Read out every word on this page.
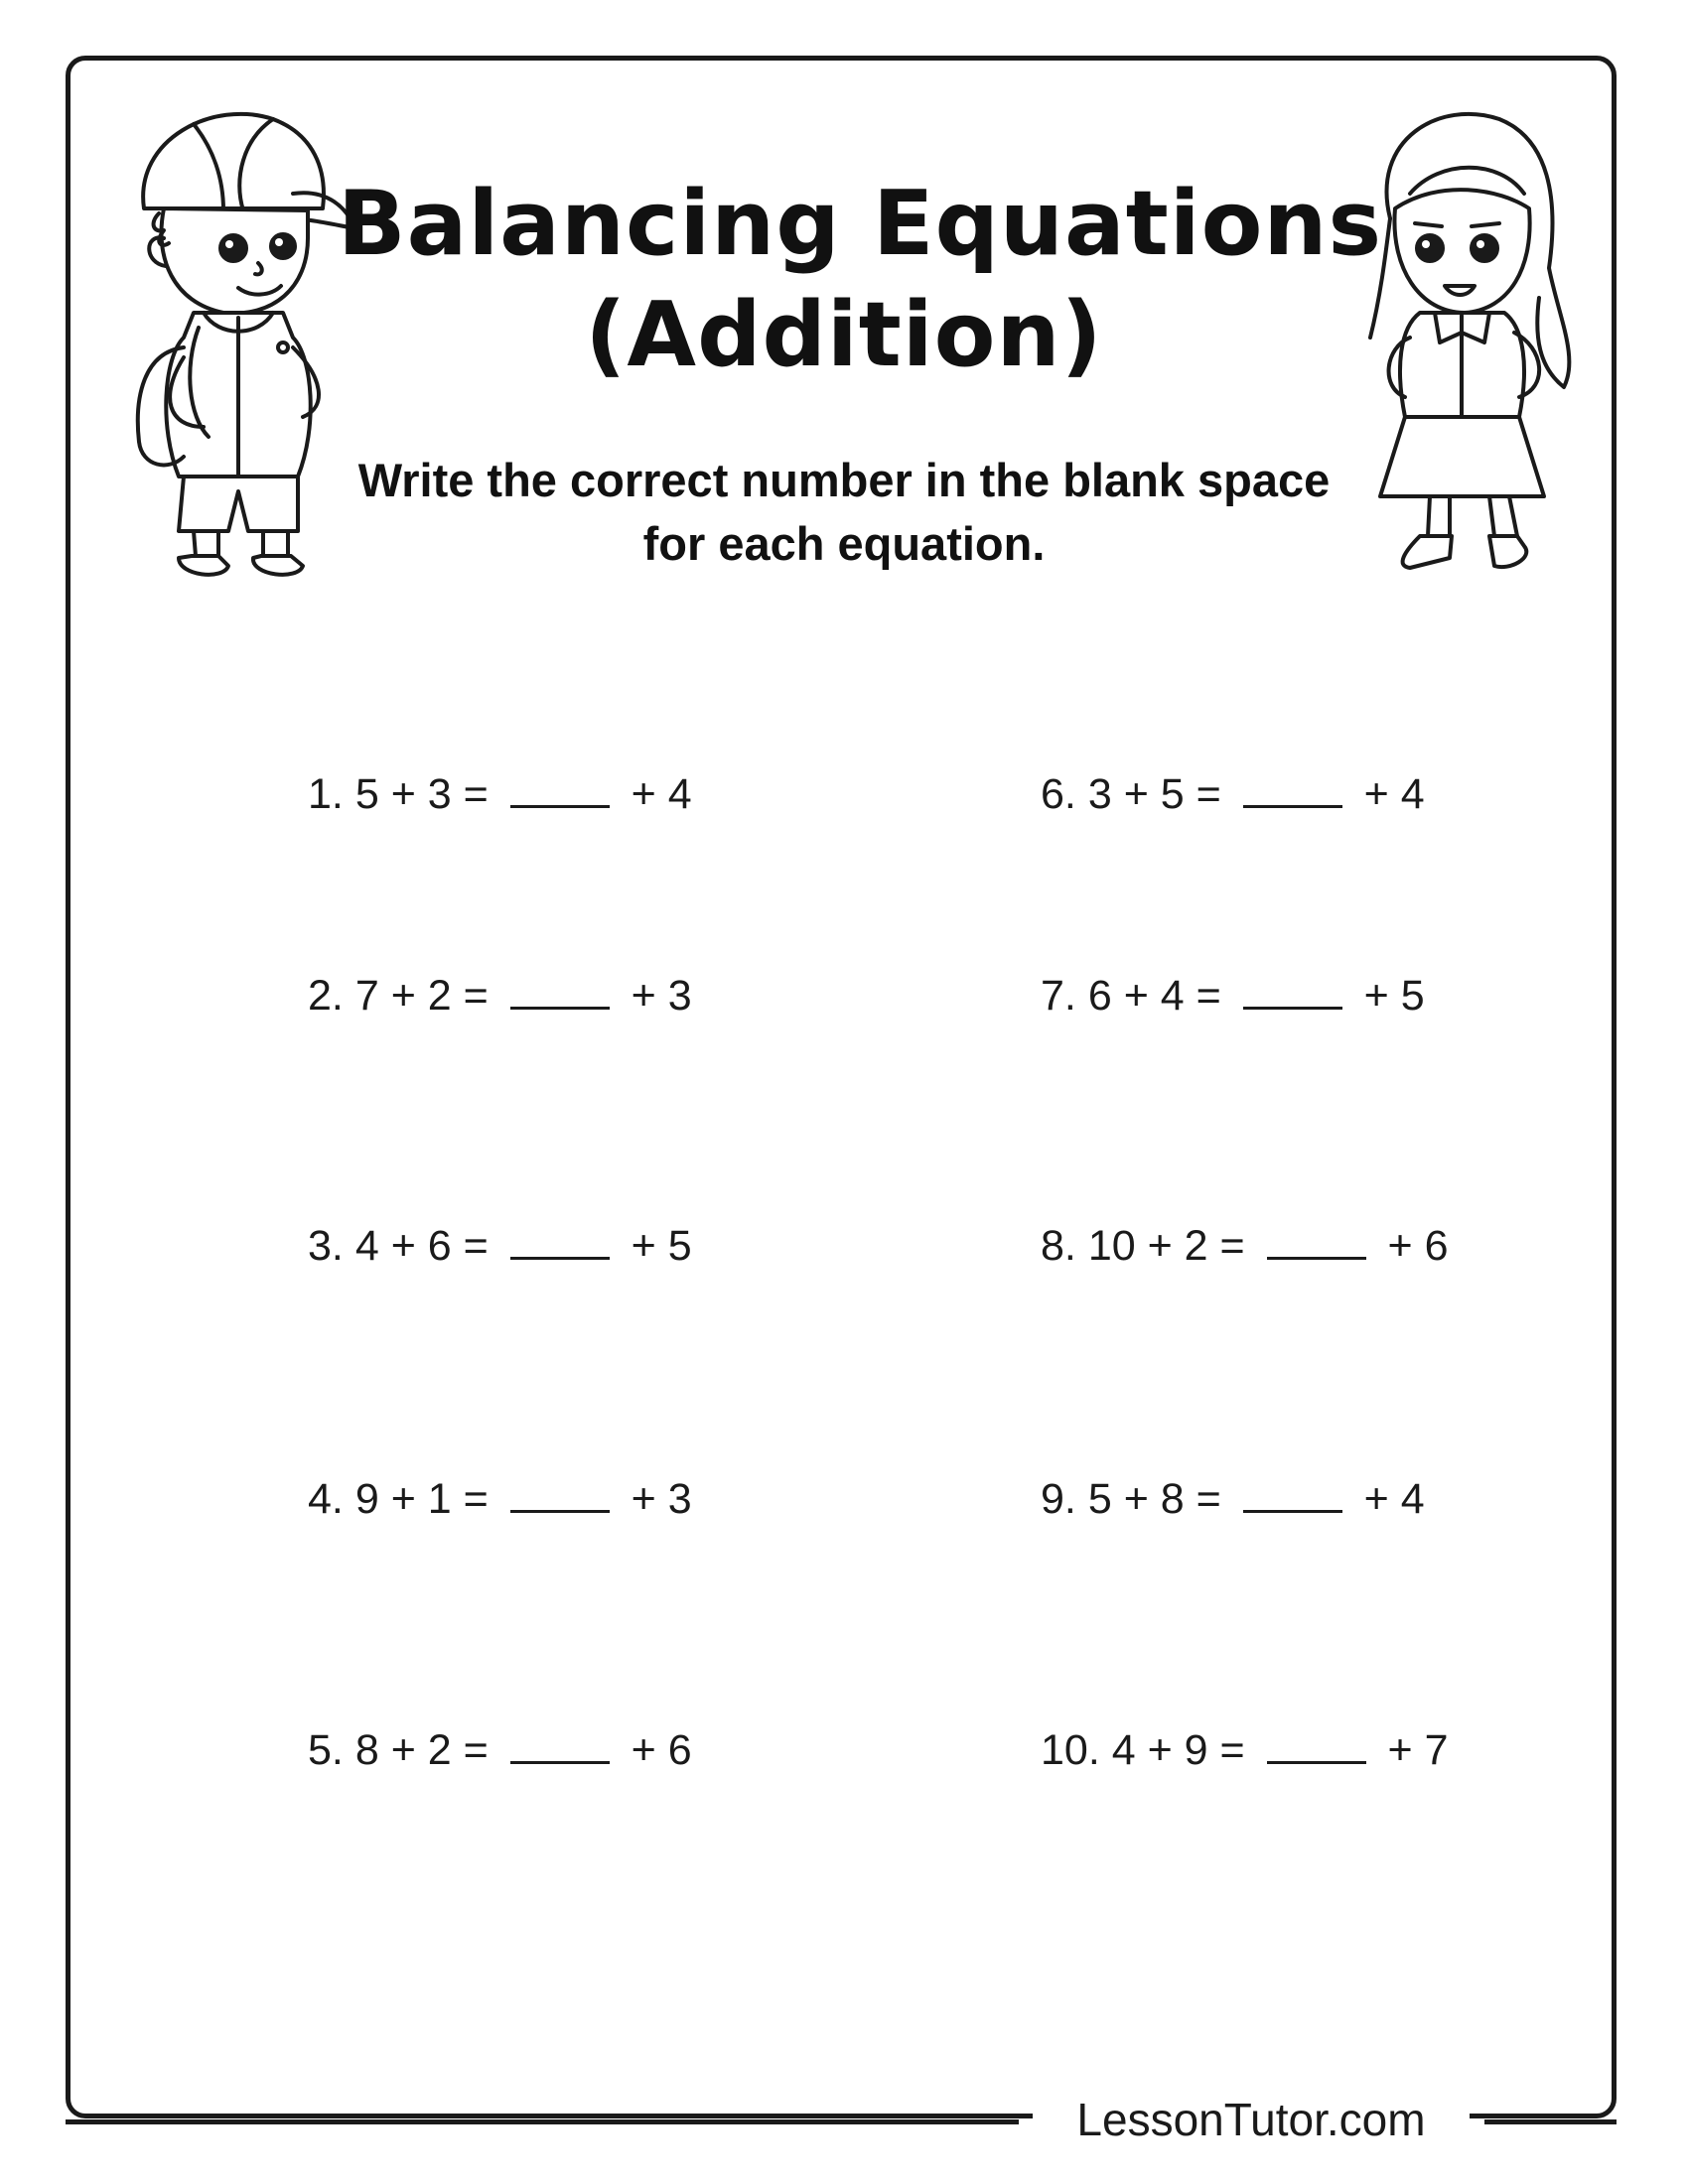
Balancing Equations
(Addition)
Write the correct number in the blank space
for each equation.
1. 5 + 3 =	+ 4
2. 7 + 2 =	+ 3
3. 4 + 6 =	+ 5
4. 9 + 1 =	+ 3
5. 8 + 2 =	+ 6
6. 3 + 5 =	+ 4
7. 6 + 4 =	+ 5
8. 10 + 2 =	+ 6
9. 5 + 8 =	+ 4
10. 4 + 9 =	+ 7
LessonTutor.com
